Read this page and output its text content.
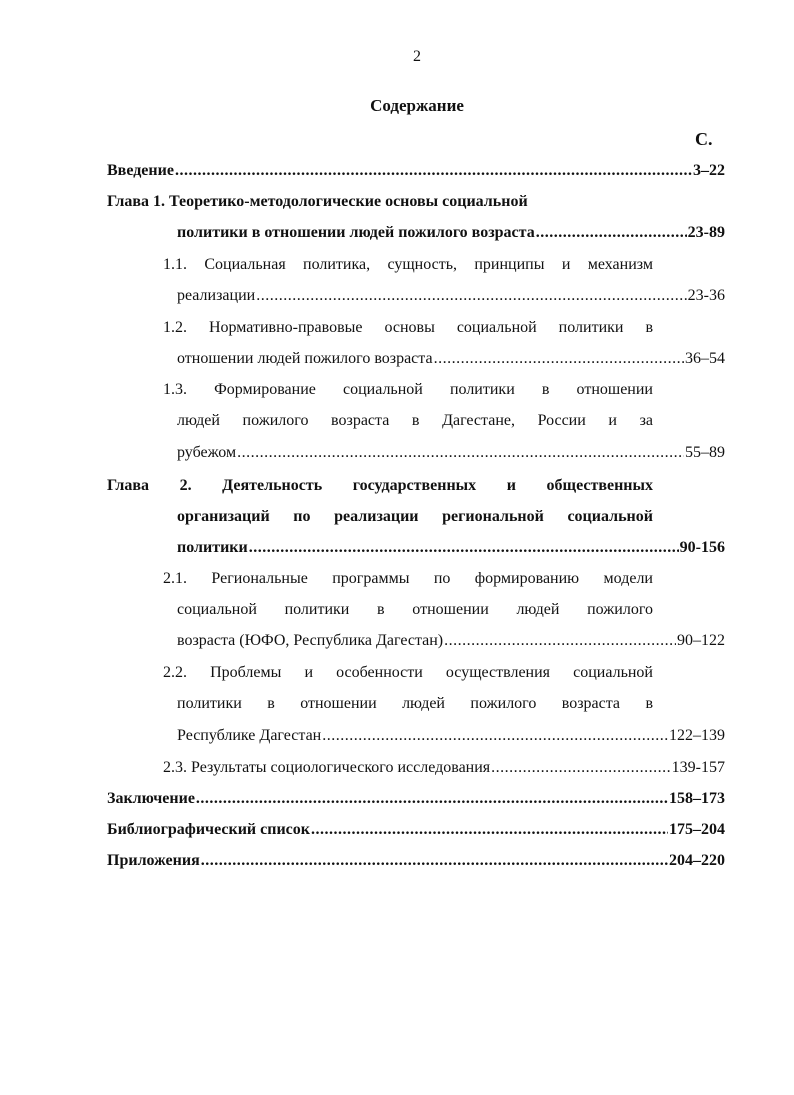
2
Содержание
С.
Введение .....	3–22
Глава 1. Теоретико-методологические основы социальной
политики в отношении людей пожилого возраста .....	23-89
1.1. Социальная политика, сущность, принципы и механизм
реализации .....	23-36
1.2. Нормативно-правовые основы социальной политики в
отношении людей пожилого возраста .....	36–54
1.3. Формирование социальной политики в отношении
людей пожилого возраста в Дагестане, России и за
рубежом .....	55–89
Глава 2. Деятельность государственных и общественных
организаций по реализации региональной социальной
политики .....	90-156
2.1. Региональные программы по формированию модели
социальной политики в отношении людей пожилого
возраста (ЮФО, Республика Дагестан) .....	90–122
2.2. Проблемы и особенности осуществления социальной
политики в отношении людей пожилого возраста в
Республике Дагестан .....	122–139
2.3. Результаты социологического исследования .....	139-157
Заключение .....	158–173
Библиографический список .....	175–204
Приложения .....	204–220
